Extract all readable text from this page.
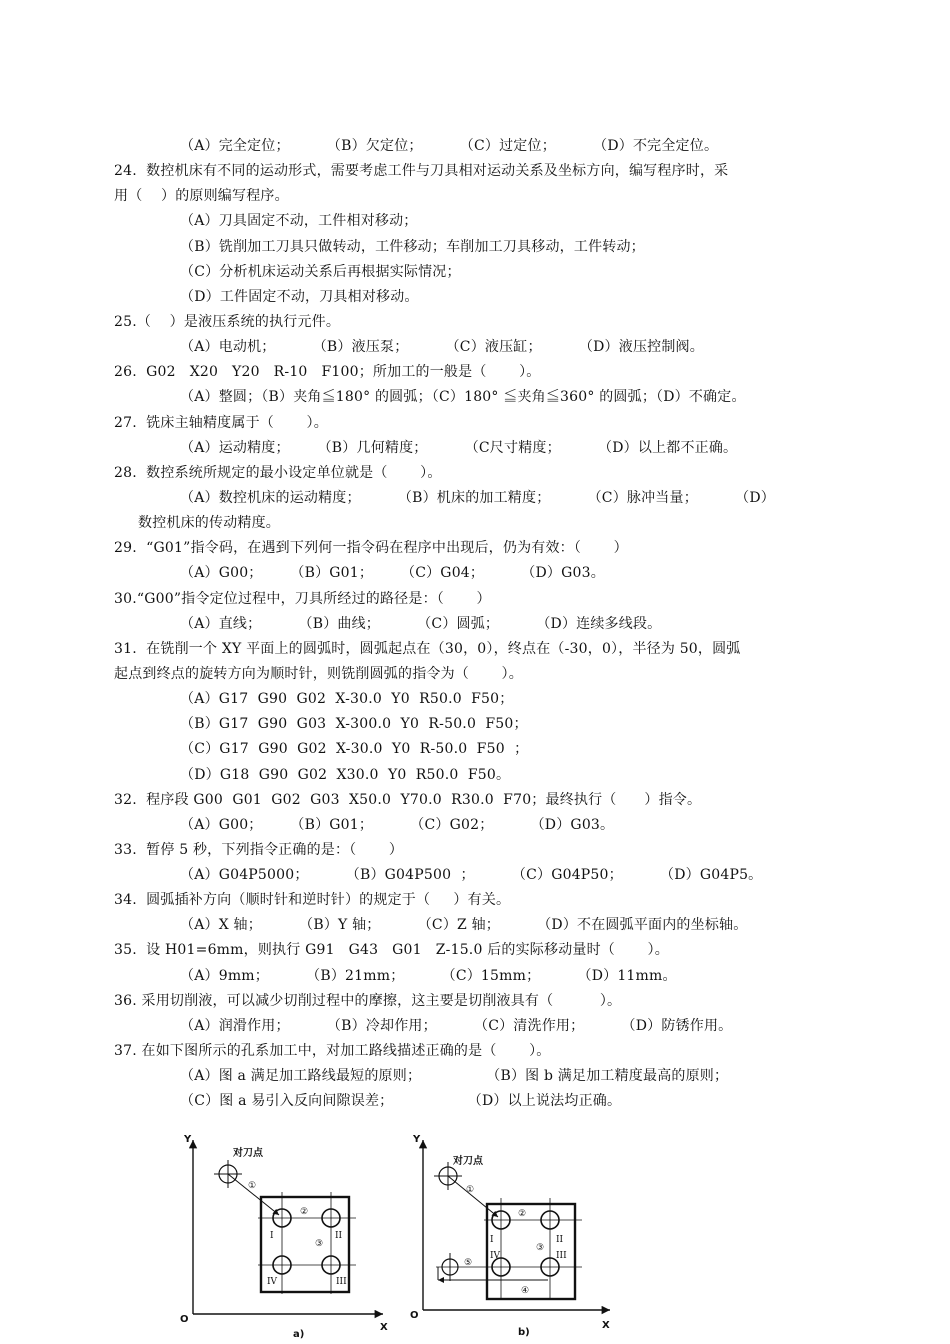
（A）完全定位；        （B）欠定位；        （C）过定位；        （D）不完全定位。
24.  数控机床有不同的运动形式，需要考虑工件与刀具相对运动关系及坐标方向，编写程序时，采
用（    ）的原则编写程序。
（A）刀具固定不动，工件相对移动；
（B）铣削加工刀具只做转动，工件移动；车削加工刀具移动，工件转动；
（C）分析机床运动关系后再根据实际情况；
（D）工件固定不动，刀具相对移动。
25.（    ）是液压系统的执行元件。
（A）电动机；        （B）液压泵；        （C）液压缸；        （D）液压控制阀。
26.  G02   X20   Y20   R-10   F100；所加工的一般是（       ）。
（A）整圆；（B）夹角≦180° 的圆弧；（C）180° ≦夹角≦360° 的圆弧；（D）不确定。
27.  铣床主轴精度属于（       ）。
（A）运动精度；      （B）几何精度；        （C尺寸精度；        （D）以上都不正确。
28.  数控系统所规定的最小设定单位就是（       ）。
（A）数控机床的运动精度；        （B）机床的加工精度；        （C）脉冲当量；        （D）
数控机床的传动精度。
29.  “G01”指令码，在遇到下列何一指令码在程序中出现后，仍为有效：（       ）
（A）G00；      （B）G01；      （C）G04；        （D）G03。
30.“G00”指令定位过程中，刀具所经过的路径是：（       ）
（A）直线；        （B）曲线；        （C）圆弧；        （D）连续多线段。
31.  在铣削一个 XY 平面上的圆弧时，圆弧起点在（30，0），终点在（-30，0），半径为 50，圆弧
起点到终点的旋转方向为顺时针，则铣削圆弧的指令为（       ）。
（A）G17  G90  G02  X-30.0  Y0  R50.0  F50；
（B）G17  G90  G03  X-300.0  Y0  R-50.0  F50；
（C）G17  G90  G02  X-30.0  Y0  R-50.0  F50  ；
（D）G18  G90  G02  X30.0  Y0  R50.0  F50。
32.  程序段 G00  G01  G02  G03  X50.0  Y70.0  R30.0  F70；最终执行（      ）指令。
（A）G00；      （B）G01；        （C）G02；        （D）G03。
33.  暂停 5 秒，下列指令正确的是：（       ）
（A）G04P5000；        （B）G04P500  ；        （C）G04P50；        （D）G04P5。
34.  圆弧插补方向（顺时针和逆时针）的规定于（     ）有关。
（A）X 轴；        （B）Y 轴；        （C）Z 轴；        （D）不在圆弧平面内的坐标轴。
35.  设 H01=6mm，则执行 G91   G43   G01   Z-15.0 后的实际移动量时（       ）。
（A）9mm；        （B）21mm；        （C）15mm；        （D）11mm。
36. 采用切削液，可以减少切削过程中的摩擦，这主要是切削液具有（          ）。
（A）润滑作用；        （B）冷却作用；        （C）清洗作用；        （D）防锈作用。
37. 在如下图所示的孔系加工中，对加工路线描述正确的是（       ）。
（A）图 a 满足加工路线最短的原则；              （B）图 b 满足加工精度最高的原则；
（C）图 a 易引入反向间隙误差；                （D）以上说法均正确。
Y
X
O
对刀点
①
②
③
I	II
III
IV
a)
Y
X
O
对刀点
①
②
③
④
⑤
I	II
III
IV
b)
